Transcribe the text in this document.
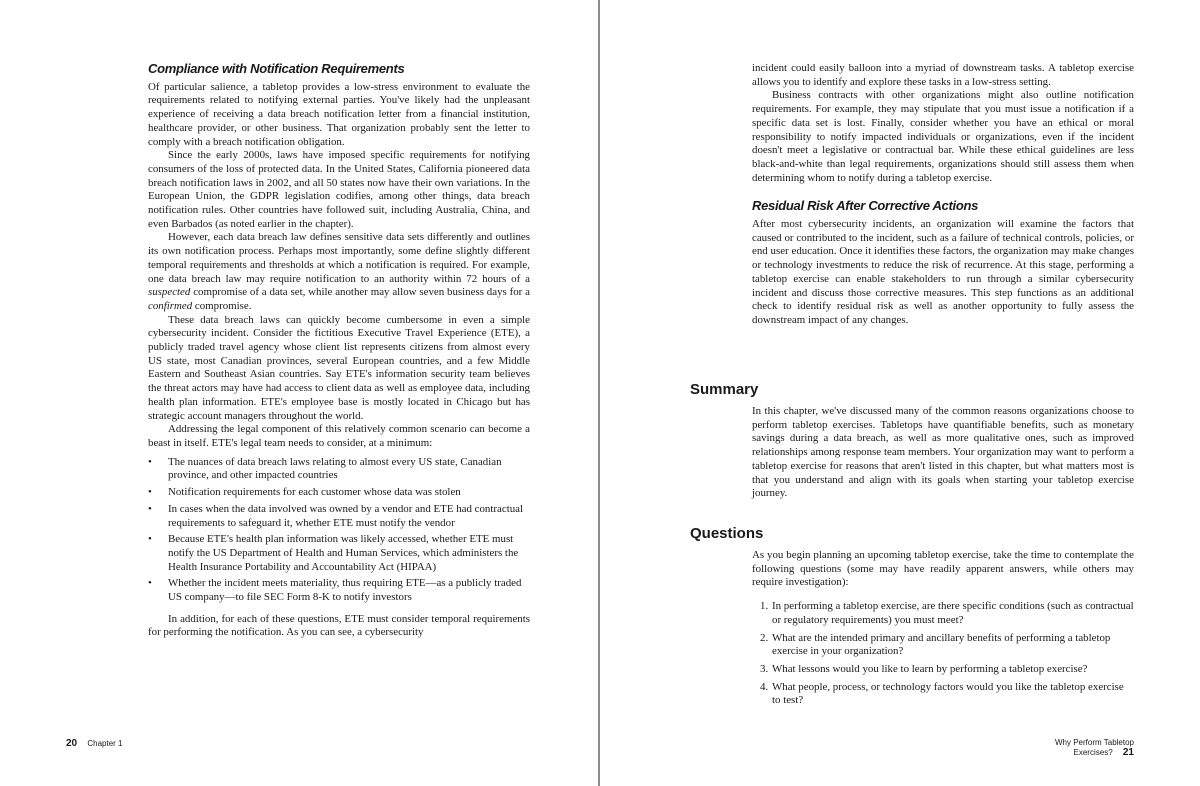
Compliance with Notification Requirements

Of particular salience, a tabletop provides a low-stress environment to evaluate the requirements related to notifying external parties. You've likely had the unpleasant experience of receiving a data breach notification letter from a financial institution, healthcare provider, or other business. That organization probably sent the letter to comply with a breach notification obligation.

Since the early 2000s, laws have imposed specific requirements for notifying consumers of the loss of protected data. In the United States, California pioneered data breach notification laws in 2002, and all 50 states now have their own variations. In the European Union, the GDPR legislation codifies, among other things, data breach notification rules. Other countries have followed suit, including Australia, China, and even Barbados (as noted earlier in the chapter).

However, each data breach law defines sensitive data sets differently and outlines its own notification process. Perhaps most importantly, some define slightly different temporal requirements and thresholds at which a notification is required. For example, one data breach law may require notification to an authority within 72 hours of a suspected compromise of a data set, while another may allow seven business days for a confirmed compromise.

These data breach laws can quickly become cumbersome in even a simple cybersecurity incident. Consider the fictitious Executive Travel Experience (ETE), a publicly traded travel agency whose client list represents citizens from almost every US state, most Canadian provinces, several European countries, and a few Middle Eastern and Southeast Asian countries. Say ETE's information security team believes the threat actors may have had access to client data as well as employee data, including health plan information. ETE's employee base is mostly located in Chicago but has strategic account managers throughout the world.

Addressing the legal component of this relatively common scenario can become a beast in itself. ETE's legal team needs to consider, at a minimum:

• The nuances of data breach laws relating to almost every US state, Canadian province, and other impacted countries
• Notification requirements for each customer whose data was stolen
• In cases when the data involved was owned by a vendor and ETE had contractual requirements to safeguard it, whether ETE must notify the vendor
• Because ETE's health plan information was likely accessed, whether ETE must notify the US Department of Health and Human Services, which administers the Health Insurance Portability and Accountability Act (HIPAA)
• Whether the incident meets materiality, thus requiring ETE—as a publicly traded US company—to file SEC Form 8-K to notify investors

In addition, for each of these questions, ETE must consider temporal requirements for performing the notification. As you can see, a cybersecurity

20 Chapter 1

incident could easily balloon into a myriad of downstream tasks. A tabletop exercise allows you to identify and explore these tasks in a low-stress setting.

Business contracts with other organizations might also outline notification requirements. For example, they may stipulate that you must issue a notification if a specific data set is lost. Finally, consider whether you have an ethical or moral responsibility to notify impacted individuals or organizations, even if the incident doesn't meet a legislative or contractual bar. While these ethical guidelines are less black-and-white than legal requirements, organizations should still assess them when determining whom to notify during a tabletop exercise.

Residual Risk After Corrective Actions

After most cybersecurity incidents, an organization will examine the factors that caused or contributed to the incident, such as a failure of technical controls, policies, or end user education. Once it identifies these factors, the organization may make changes or technology investments to reduce the risk of recurrence. At this stage, performing a tabletop exercise can enable stakeholders to run through a similar cybersecurity incident and discuss those corrective measures. This step functions as an additional check to identify residual risk as well as another opportunity to fully assess the downstream impact of any changes.

Summary

In this chapter, we've discussed many of the common reasons organizations choose to perform tabletop exercises. Tabletops have quantifiable benefits, such as monetary savings during a data breach, as well as more qualitative ones, such as improved relationships among response team members. Your organization may want to perform a tabletop exercise for reasons that aren't listed in this chapter, but what matters most is that you understand and align with its goals when starting your tabletop exercise journey.

Questions

As you begin planning an upcoming tabletop exercise, take the time to contemplate the following questions (some may have readily apparent answers, while others may require investigation):

1. In performing a tabletop exercise, are there specific conditions (such as contractual or regulatory requirements) you must meet?
2. What are the intended primary and ancillary benefits of performing a tabletop exercise in your organization?
3. What lessons would you like to learn by performing a tabletop exercise?
4. What people, process, or technology factors would you like the tabletop exercise to test?
Why Perform Tabletop Exercises? 21
